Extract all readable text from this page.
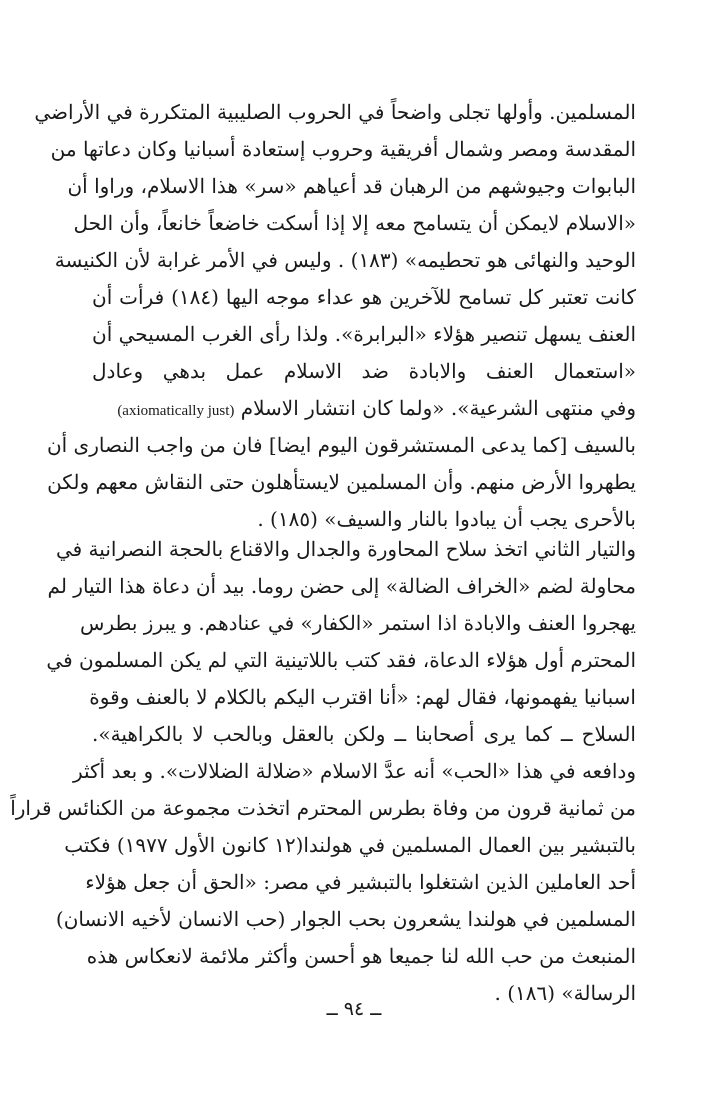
المسلمين. وأولها تجلى واضحاً في الحروب الصليبية المتكررة في الأراضي
المقدسة ومصر وشمال أفريقية وحروب إستعادة أسبانيا وكان دعاتها من
البابوات وجيوشهم من الرهبان قد أعياهم «سر» هذا الاسلام، وراوا أن
«الاسلام لايمكن أن يتسامح معه إلا إذا أسكت خاضعاً خانعاً، وأن الحل
الوحيد والنهائى هو تحطيمه» (١٨٣) . وليس في الأمر غرابة لأن الكنيسة
كانت تعتبر كل تسامح للآخرين هو عداء موجه اليها (١٨٤) فرأت أن
العنف يسهل تنصير هؤلاء «البرابرة». ولذا رأى الغرب المسيحي أن
«استعمال العنف والابادة ضد الاسلام عمل بدهي وعادل
وفي منتهى الشرعية». «ولما كان انتشار الاسلام (axiomatically just)
بالسيف [كما يدعى المستشرقون اليوم ايضا] فان من واجب النصارى أن
يطهروا الأرض منهم. وأن المسلمين لايستأهلون حتى النقاش معهم ولكن
بالأحرى يجب أن يبادوا بالنار والسيف» (١٨٥) .
والتيار الثاني اتخذ سلاح المحاورة والجدال والاقناع بالحجة النصرانية في
محاولة لضم «الخراف الضالة» إلى حضن روما. بيد أن دعاة هذا التيار لم
يهجروا العنف والابادة اذا استمر «الكفار» في عنادهم. و يبرز بطرس
المحترم أول هؤلاء الدعاة، فقد كتب باللاتينية التي لم يكن المسلمون في
اسبانيا يفهمونها، فقال لهم: «أنا اقترب اليكم بالكلام لا بالعنف وقوة
السلاح ــ كما يرى أصحابنا ــ ولكن بالعقل وبالحب لا بالكراهية».
ودافعه في هذا «الحب» أنه عدَّ الاسلام «ضلالة الضلالات». و بعد أكثر
من ثمانية قرون من وفاة بطرس المحترم اتخذت مجموعة من الكنائس قراراً
بالتبشير بين العمال المسلمين في هولندا(١٢ كانون الأول ١٩٧٧) فكتب
أحد العاملين الذين اشتغلوا بالتبشير في مصر: «الحق أن جعل هؤلاء
المسلمين في هولندا يشعرون بحب الجوار (حب الانسان لأخيه الانسان)
المنبعث من حب الله لنا جميعا هو أحسن وأكثر ملائمة لانعكاس هذه
الرسالة» (١٨٦) .
ــ ٩٤ ــ
